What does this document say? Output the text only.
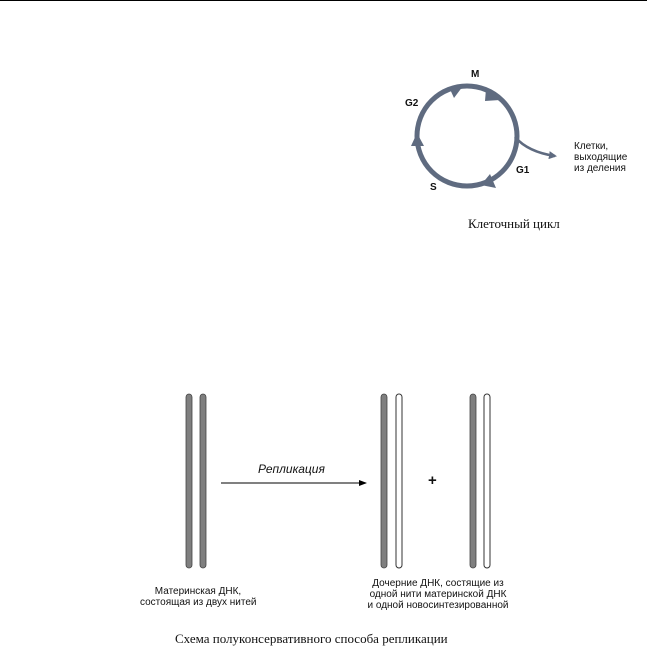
M
G2
S
G1
Клетки,
выходящие
из деления
Клеточный цикл
Репликация
+
Материнская ДНК,
состоящая из двух нитей
Дочерние ДНК, состящие из
одной нити материнской ДНК
и одной новосинтезированной
Схема полуконсервативного способа репликации
